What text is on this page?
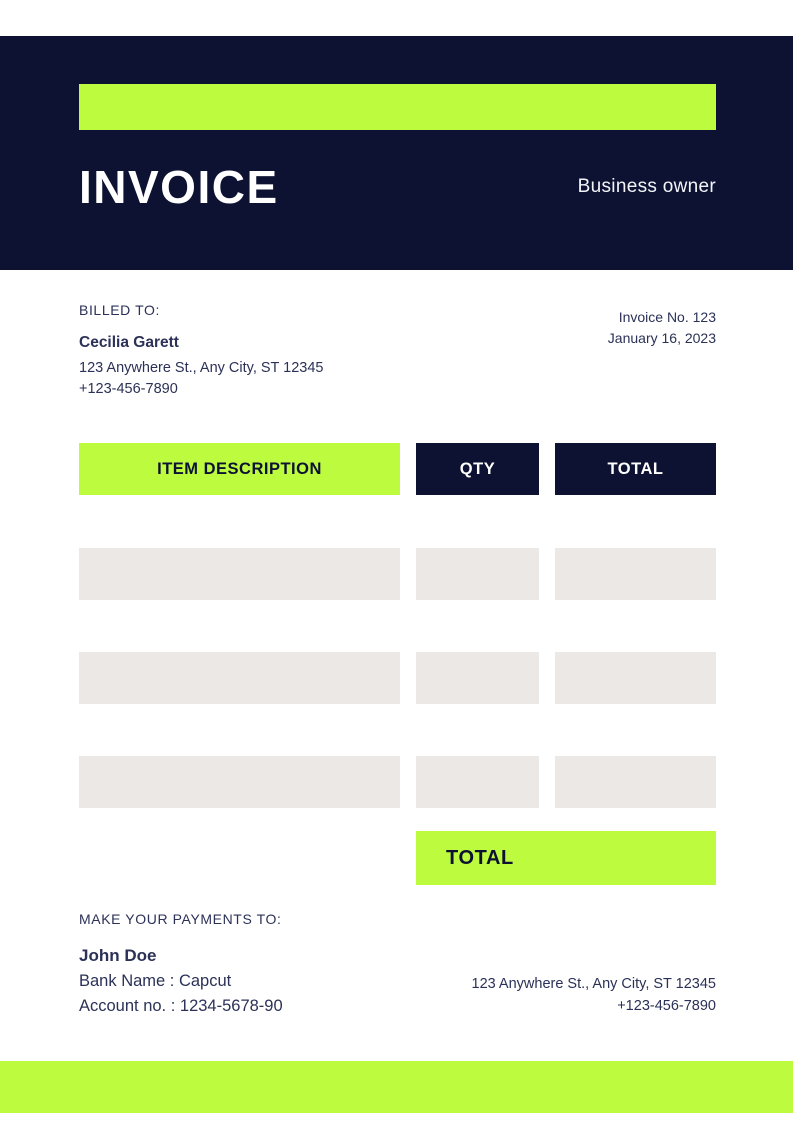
INVOICE	Business owner
BILLED TO:
Cecilia Garett
123 Anywhere St., Any City, ST 12345
+123-456-7890
Invoice No. 123
January 16, 2023
ITEM DESCRIPTION	QTY	TOTAL
TOTAL
MAKE YOUR PAYMENTS TO:
John Doe
Bank Name : Capcut
Account no. : 1234-5678-90
123 Anywhere St., Any City, ST 12345
+123-456-7890
